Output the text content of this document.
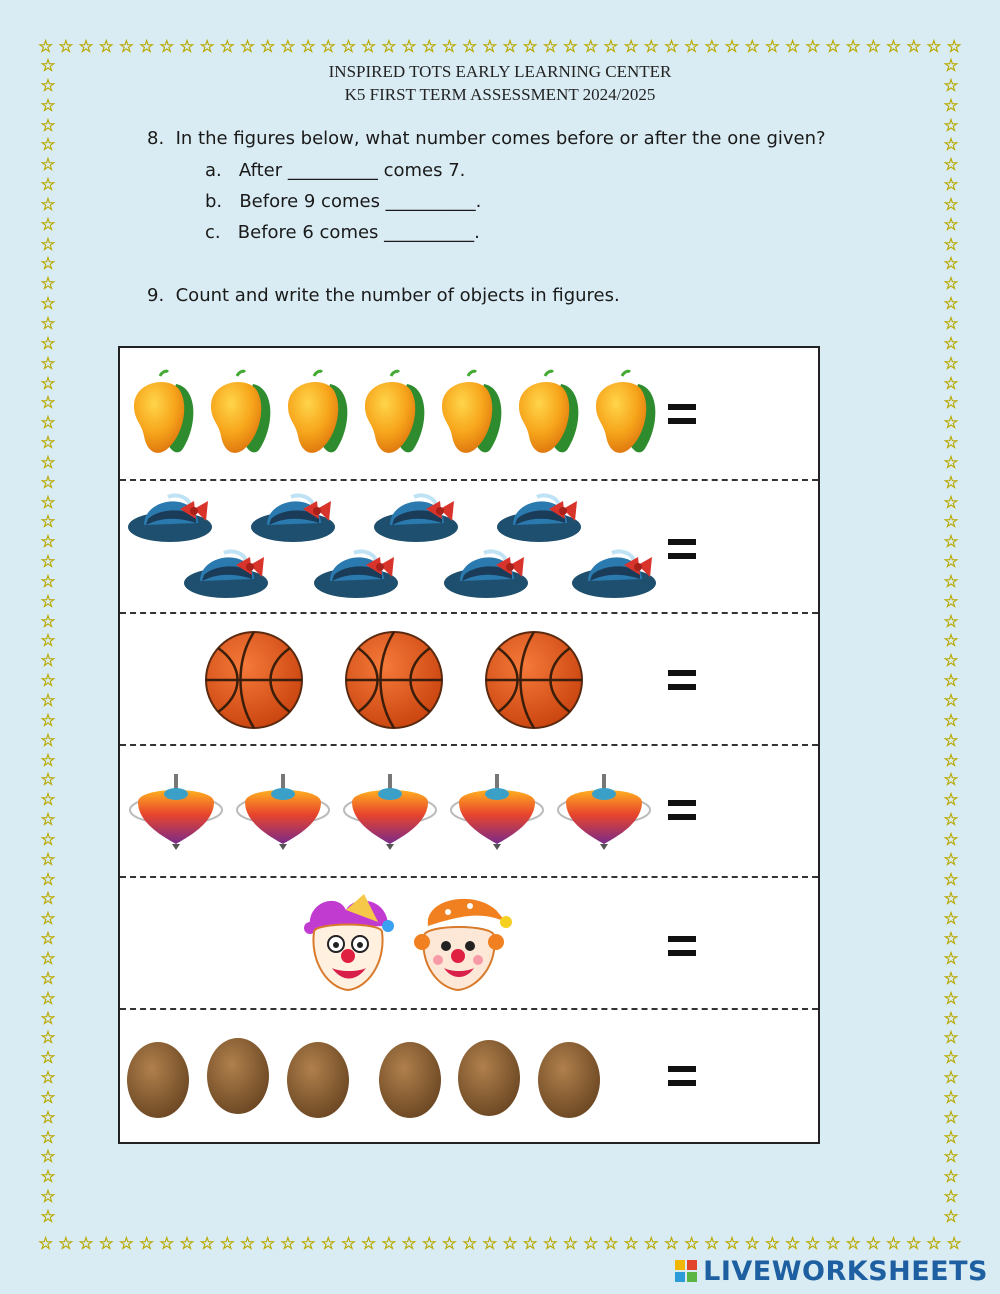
☆ ☆ ☆ ☆ ☆ ☆ ☆ ☆ ☆ ☆ ☆ ☆ ☆ ☆ ☆ ☆ ☆ ☆ ☆ ☆ ☆ ☆ ☆ ☆ ☆ ☆ ☆ ☆ ☆ ☆ ☆ ☆ ☆ ☆ ☆ ☆ ☆ ☆ ☆ ☆ ☆ ☆ ☆ ☆ ☆ ☆
☆ ☆ ☆ ☆ ☆ ☆ ☆ ☆ ☆ ☆ ☆ ☆ ☆ ☆ ☆ ☆ ☆ ☆ ☆ ☆ ☆ ☆ ☆ ☆ ☆ ☆ ☆ ☆ ☆ ☆ ☆ ☆ ☆ ☆ ☆ ☆ ☆ ☆ ☆ ☆ ☆ ☆ ☆ ☆ ☆ ☆
☆
☆
☆
☆
☆
☆
☆
☆
☆
☆
☆
☆
☆
☆
☆
☆
☆
☆
☆
☆
☆
☆
☆
☆
☆
☆
☆
☆
☆
☆
☆
☆
☆
☆
☆
☆
☆
☆
☆
☆
☆
☆
☆
☆
☆
☆
☆
☆
☆
☆
☆
☆
☆
☆
☆
☆
☆
☆
☆
☆
☆
☆
☆
☆
☆
☆
☆
☆
☆
☆
☆
☆
☆
☆
☆
☆
☆
☆
☆
☆
☆
☆
☆
☆
☆
☆
☆
☆
☆
☆
☆
☆
☆
☆
☆
☆
☆
☆
☆
☆
☆
☆
☆
☆
☆
☆
☆
☆
☆
☆
☆
☆
☆
☆
☆
☆
☆
☆
INSPIRED TOTS EARLY LEARNING CENTER
K5 FIRST TERM ASSESSMENT 2024/2025
8.  In the figures below, what number comes before or after the one given?
a.   After __________ comes 7.
b.   Before 9 comes __________.
c.   Before 6 comes __________.
9.  Count and write the number of objects in figures.
LIVEWORKSHEETS
